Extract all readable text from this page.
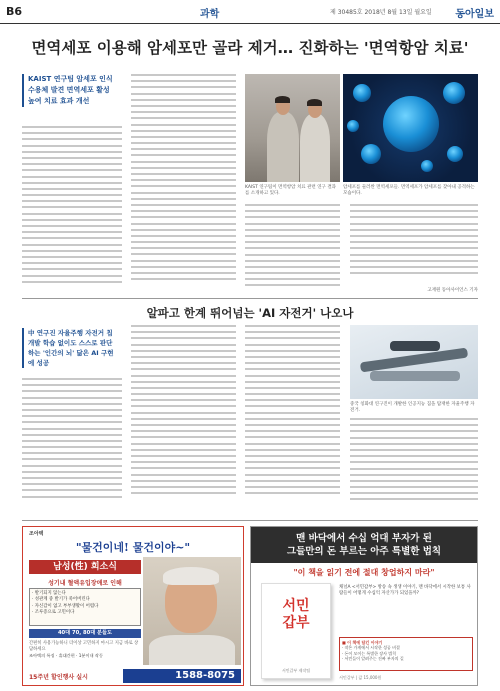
B6	과학	제 30485호 2018년 8월 13일 월요일 동아일보
면역세포 이용해 암세포만 골라 제거… 진화하는 '면역항암 치료'
KAIST 연구팀 암세포 인식 수용체 발견 면역세포 활성 높여 치료 효과 개선
KAIST 연구팀이 면역항암 치료 관련 연구 결과를 소개하고 있다.
암세포를 둘러싼 면역세포들. 면역세포가 암세포를 찾아내 공격하는 모습이다.
고재원 동아사이언스 기자
알파고 한계 뛰어넘는 'AI 자전거' 나오나
中 연구진 자율주행 자전거 칩 개발 학습 없이도 스스로 판단하는 '인간의 뇌' 닮은 AI 구현에 성공
중국 칭화대 연구진이 개발한 인공지능 칩을 탑재한 자율주행 자전거.
조아텍
"물건이네! 물건이야~"
남성(性) 희소식
성기내 혈액유입장애로 인해
· 발기되지 않는다
· 성관계 중 발기가 죽어버린다
· 자신감이 없고 부부생활이 어렵다
· 조루증으로 고민이다
40대 70, 80대 분들도
간편히 사용가능하니 더이상 고민하지 마시고 지금 바로 상담하세요
조아텍의 특징 · 휴대간편 · 1분이내 작동
15주년 할인행사 실시	1588-8075
맨 바닥에서 수십 억대 부자가 된
그들만의 돈 부르는 아주 특별한 법칙
"이 책을 읽기 전에 절대 창업하지 마라"
서민
갑부
서민갑부 제작팀
채널A <서민갑부> 방송 속 생생 이야기, 맨 바닥에서 시작한 보통 사람들이 어떻게 수십억 자산가가 되었을까?
■ 이 책에 담긴 이야기
· 작은 가게에서 시작한 성공 비결
· 돈이 모이는 특별한 장사 법칙
· 서민들이 알려주는 진짜 부자의 길
서민갑부 | 값 15,000원
